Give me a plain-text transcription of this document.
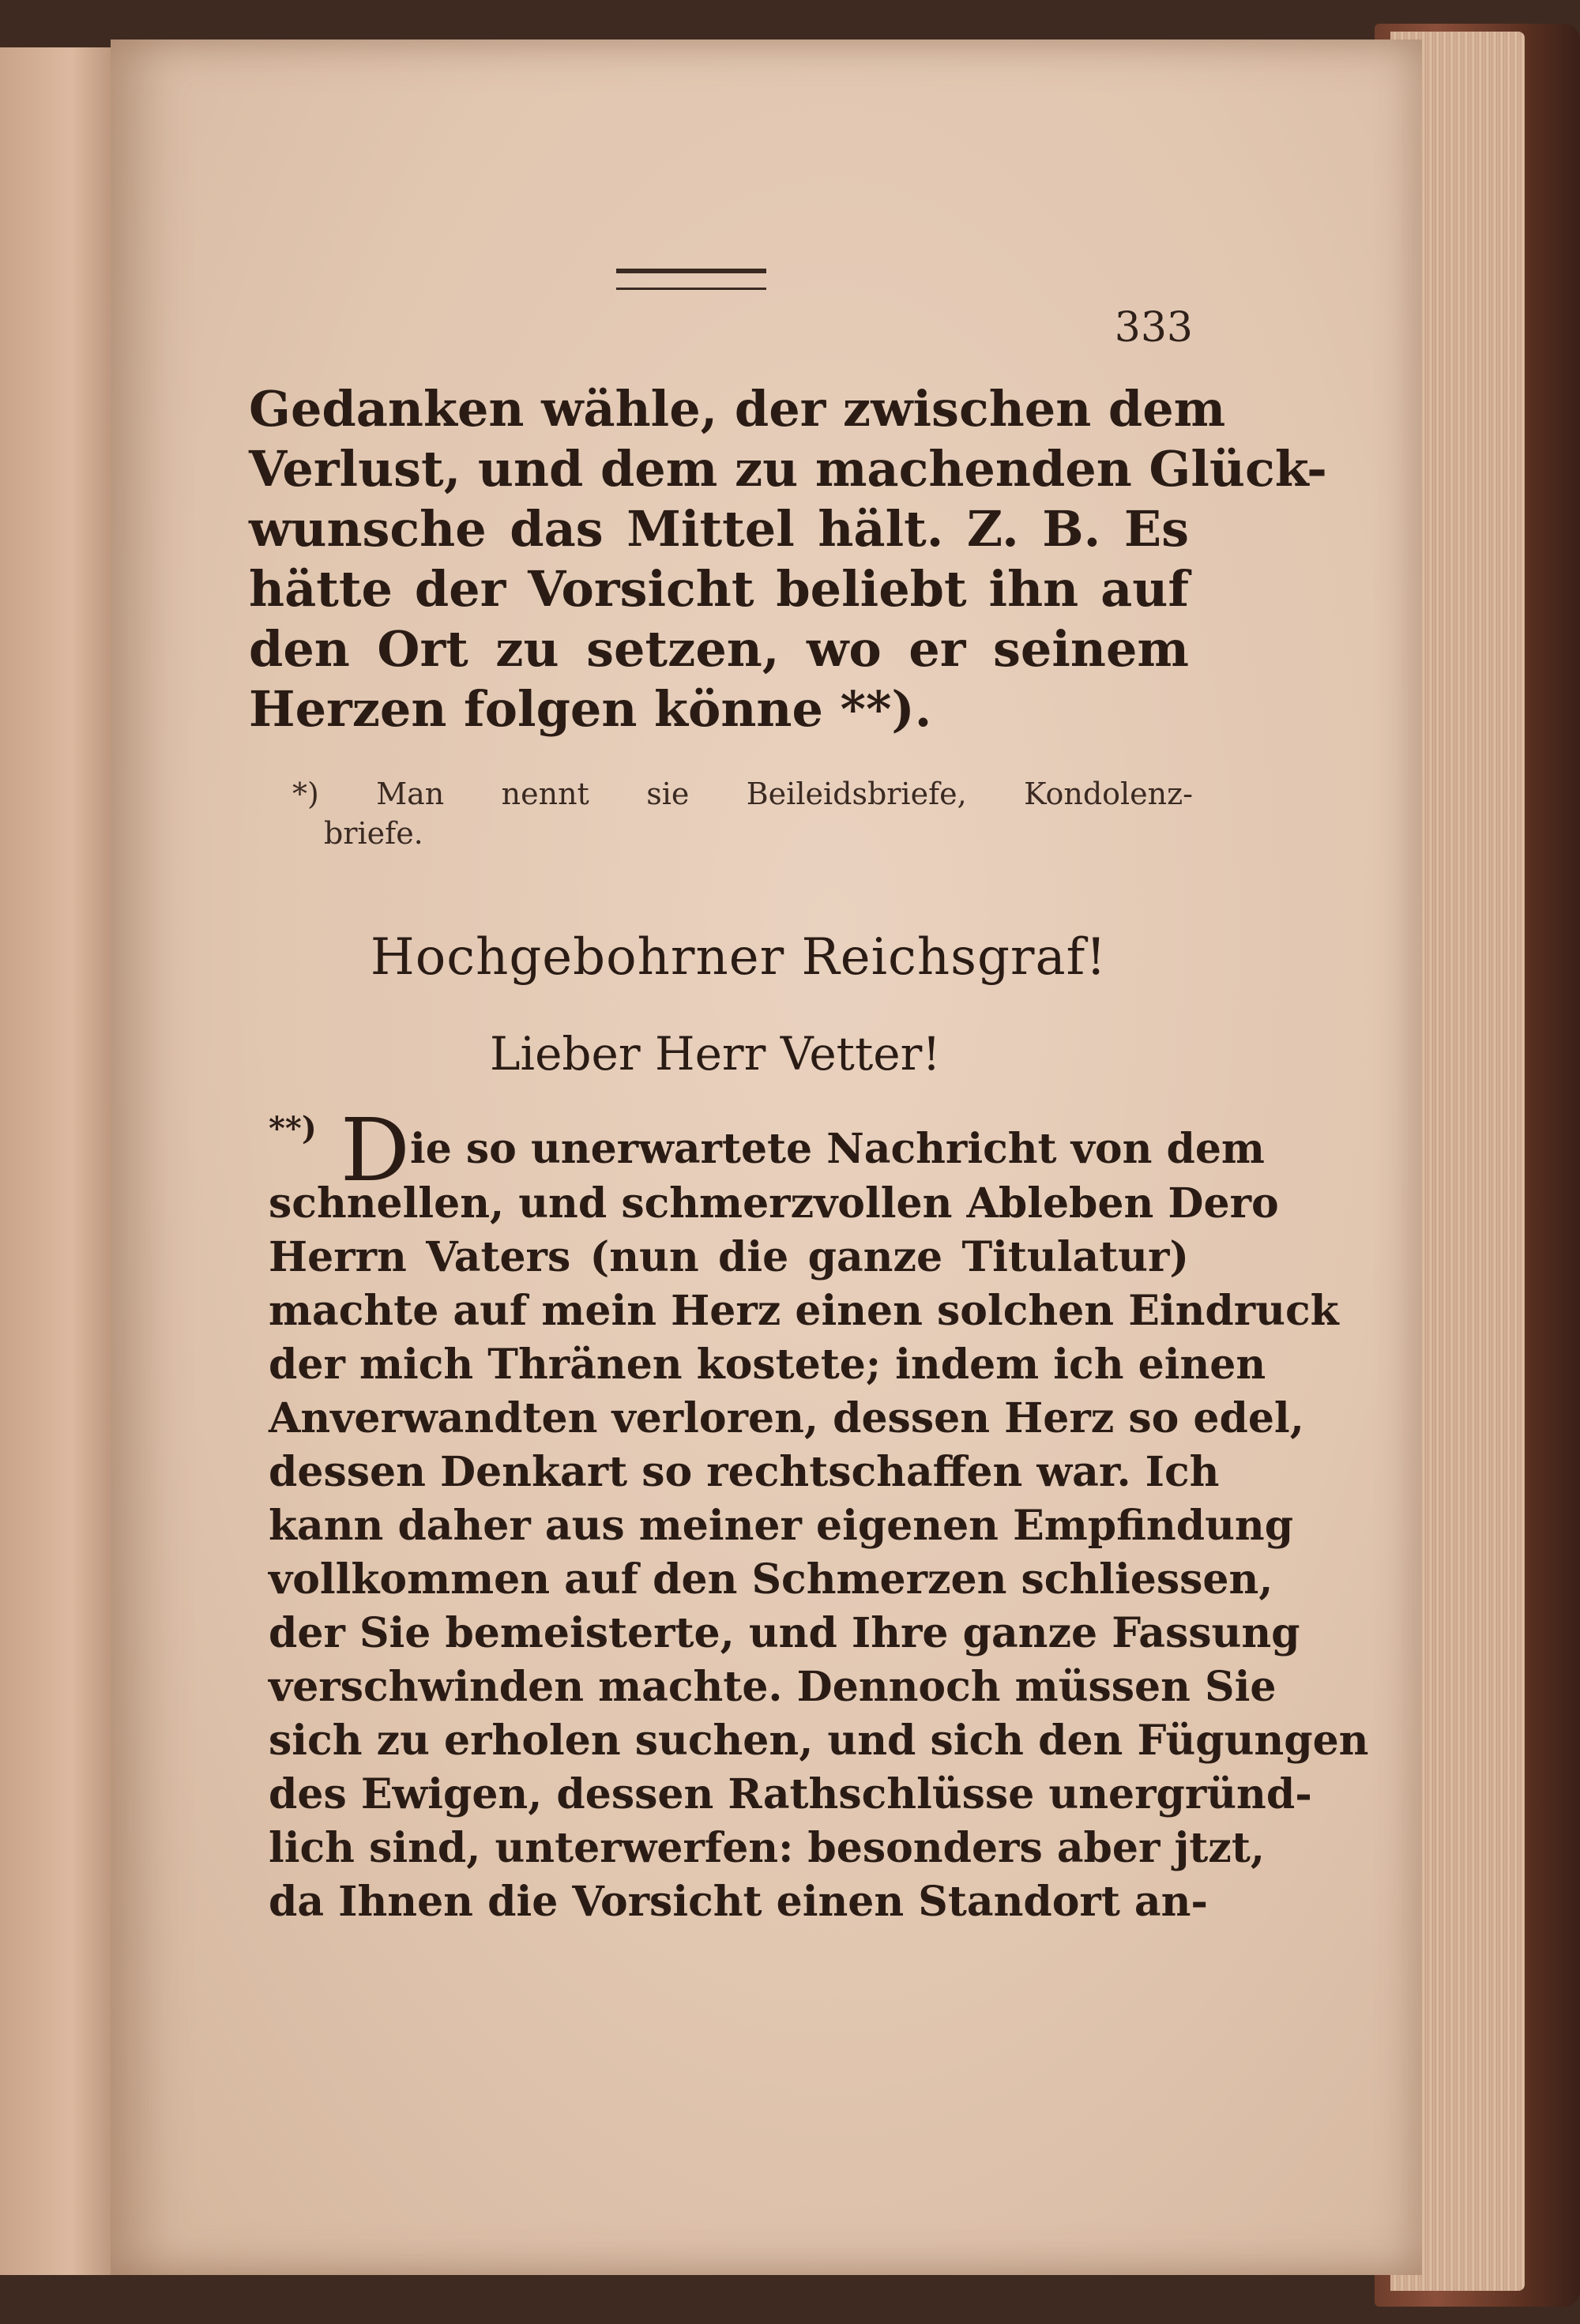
333
Gedanken wähle, der zwischen dem
Verlust, und dem zu machenden Glück-
wunsche das Mittel hält. Z. B. Es
hätte der Vorsicht beliebt ihn auf
den Ort zu setzen, wo er seinem
Herzen folgen könne **).
*) Man nennt sie Beileidsbriefe, Kondolenz-
briefe.
Hochgebohrner Reichsgraf!
Lieber Herr Vetter!
**) Die so unerwartete Nachricht von dem
schnellen, und schmerzvollen Ableben Dero
Herrn Vaters (nun die ganze Titulatur)
machte auf mein Herz einen solchen Eindruck
der mich Thränen kostete; indem ich einen
Anverwandten verloren, dessen Herz so edel,
dessen Denkart so rechtschaffen war. Ich
kann daher aus meiner eigenen Empfindung
vollkommen auf den Schmerzen schliessen,
der Sie bemeisterte, und Ihre ganze Fassung
verschwinden machte. Dennoch müssen Sie
sich zu erholen suchen, und sich den Fügungen
des Ewigen, dessen Rathschlüsse unergründ-
lich sind, unterwerfen: besonders aber jtzt,
da Ihnen die Vorsicht einen Standort an-
